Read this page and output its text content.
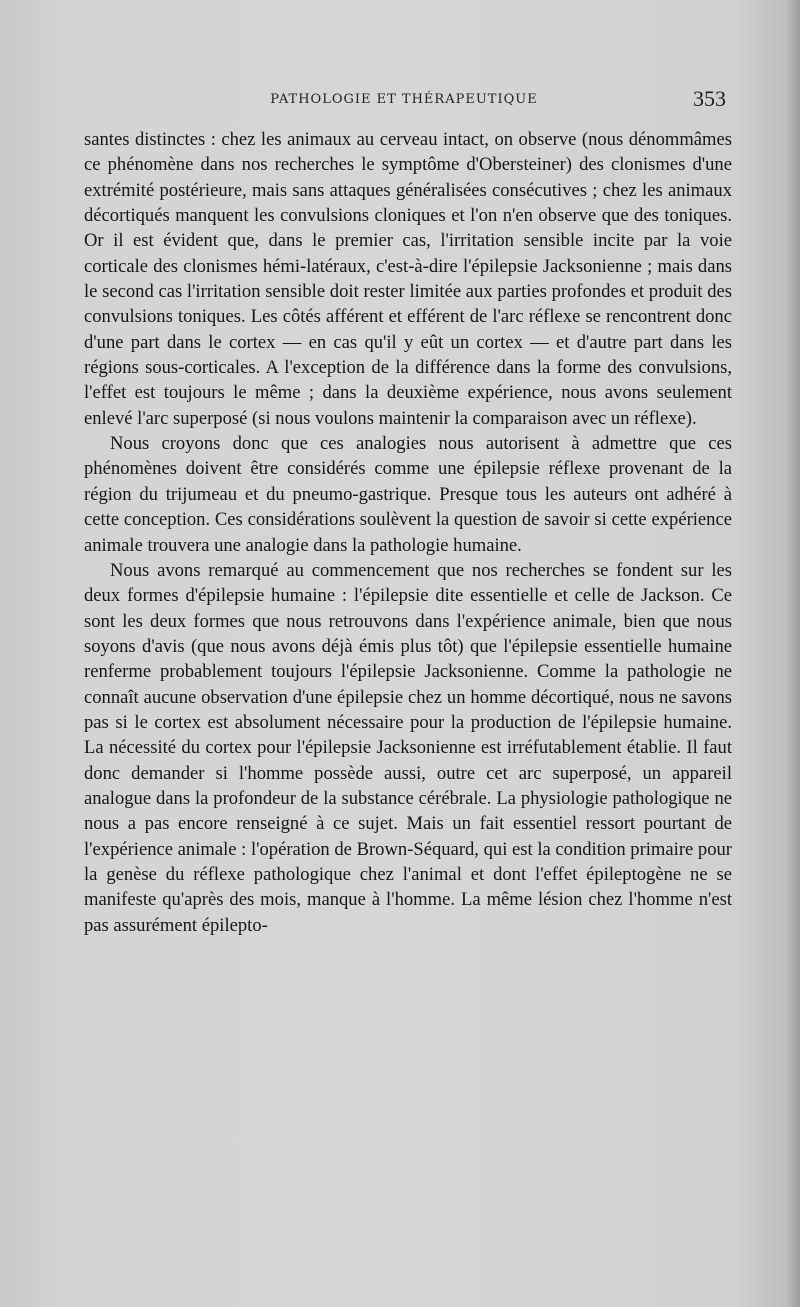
PATHOLOGIE ET THÉRAPEUTIQUE	353

santes distinctes : chez les animaux au cerveau intact, on observe (nous dénommâmes ce phénomène dans nos recherches le symptôme d'Obersteiner) des clonismes d'une extrémité postérieure, mais sans attaques généralisées consécutives ; chez les animaux décortiqués manquent les convulsions cloniques et l'on n'en observe que des toniques. Or il est évident que, dans le premier cas, l'irritation sensible incite par la voie corticale des clonismes hémi-latéraux, c'est-à-dire l'épilepsie Jacksonienne ; mais dans le second cas l'irritation sensible doit rester limitée aux parties profondes et produit des convulsions toniques. Les côtés afférent et efférent de l'arc réflexe se rencontrent donc d'une part dans le cortex — en cas qu'il y eût un cortex — et d'autre part dans les régions sous-corticales. A l'exception de la différence dans la forme des convulsions, l'effet est toujours le même ; dans la deuxième expérience, nous avons seulement enlevé l'arc superposé (si nous voulons maintenir la comparaison avec un réflexe).

Nous croyons donc que ces analogies nous autorisent à admettre que ces phénomènes doivent être considérés comme une épilepsie réflexe provenant de la région du trijumeau et du pneumo-gastrique. Presque tous les auteurs ont adhéré à cette conception. Ces considérations soulèvent la question de savoir si cette expérience animale trouvera une analogie dans la pathologie humaine.

Nous avons remarqué au commencement que nos recherches se fondent sur les deux formes d'épilepsie humaine : l'épilepsie dite essentielle et celle de Jackson. Ce sont les deux formes que nous retrouvons dans l'expérience animale, bien que nous soyons d'avis (que nous avons déjà émis plus tôt) que l'épilepsie essentielle humaine renferme probablement toujours l'épilepsie Jacksonienne. Comme la pathologie ne connaît aucune observation d'une épilepsie chez un homme décortiqué, nous ne savons pas si le cortex est absolument nécessaire pour la production de l'épilepsie humaine. La nécessité du cortex pour l'épilepsie Jacksonienne est irréfutablement établie. Il faut donc demander si l'homme possède aussi, outre cet arc superposé, un appareil analogue dans la profondeur de la substance cérébrale. La physiologie pathologique ne nous a pas encore renseigné à ce sujet. Mais un fait essentiel ressort pourtant de l'expérience animale : l'opération de Brown-Séquard, qui est la condition primaire pour la genèse du réflexe pathologique chez l'animal et dont l'effet épileptogène ne se manifeste qu'après des mois, manque à l'homme. La même lésion chez l'homme n'est pas assurément épilepto-
